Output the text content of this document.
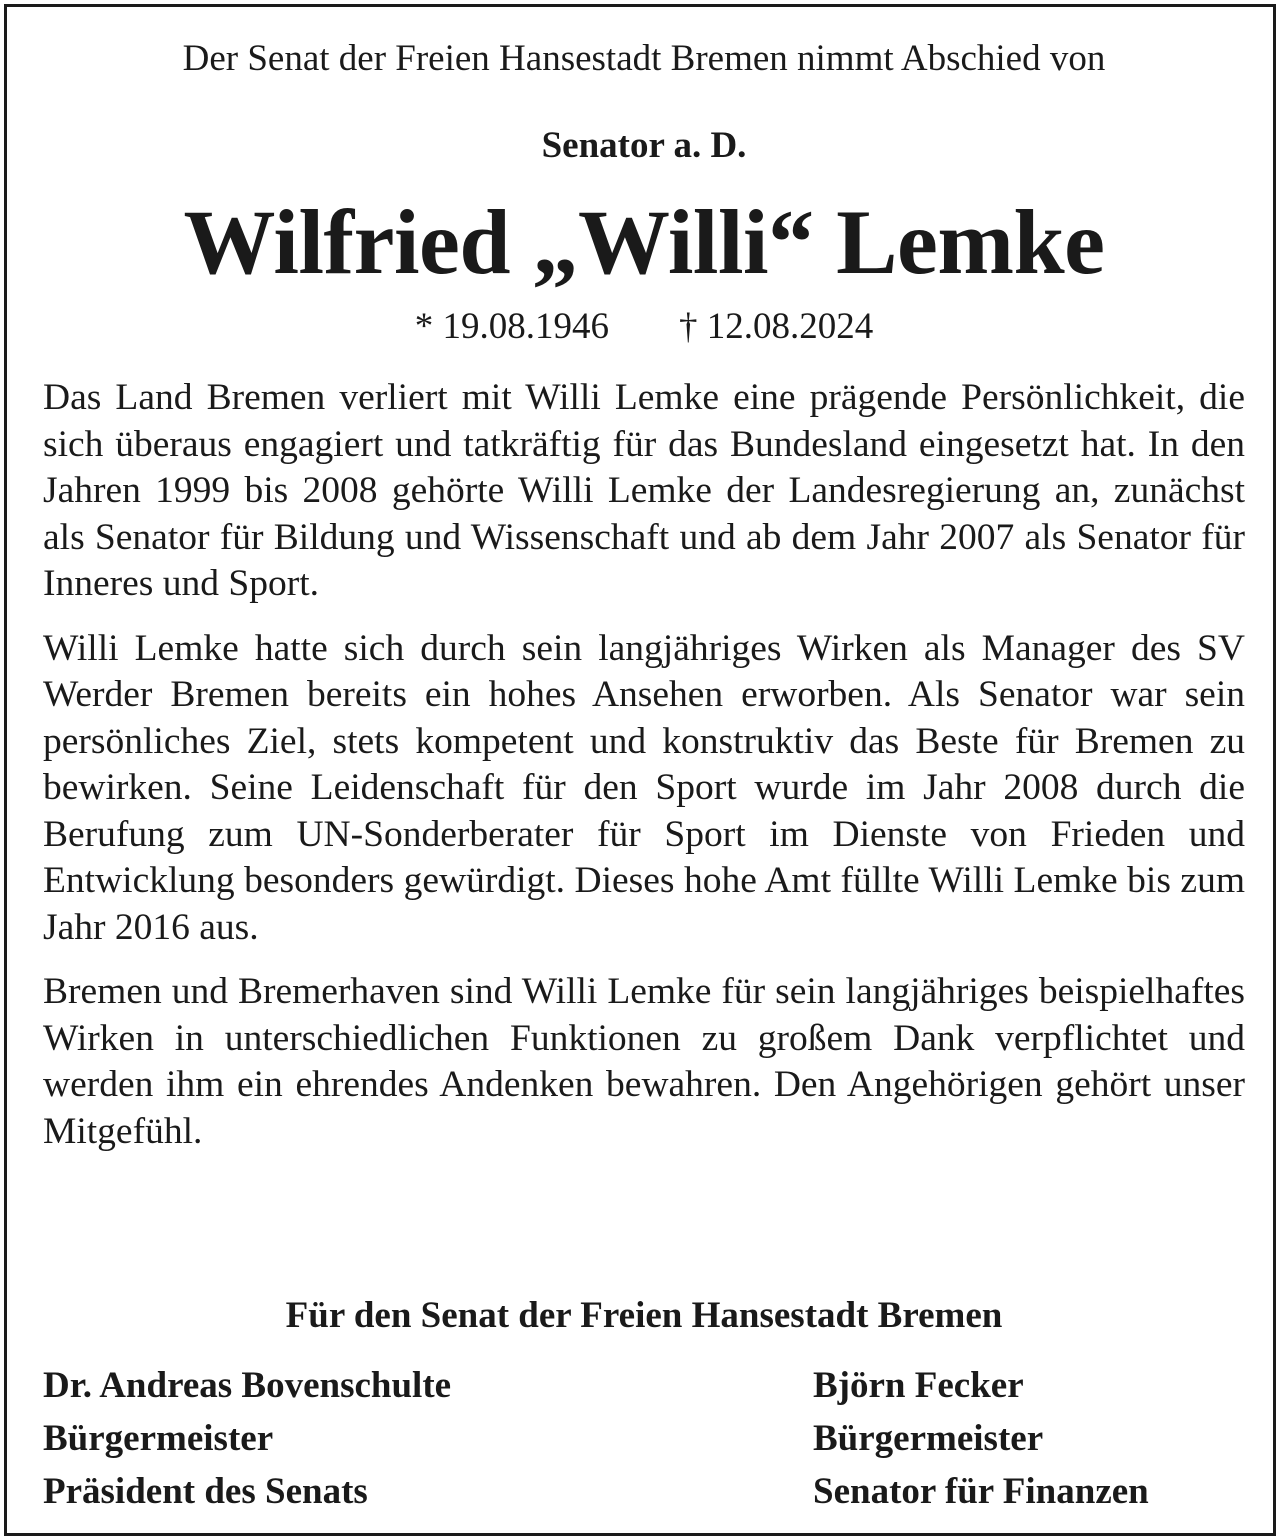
Der Senat der Freien Hansestadt Bremen nimmt Abschied von
Senator a. D.
Wilfried „Willi“ Lemke
* 19.08.1946 † 12.08.2024

Das Land Bremen verliert mit Willi Lemke eine prägende Persönlichkeit, die sich überaus engagiert und tatkräftig für das Bundesland eingesetzt hat. In den Jahren 1999 bis 2008 gehörte Willi Lemke der Landesregierung an, zunächst als Senator für Bildung und Wissenschaft und ab dem Jahr 2007 als Senator für Inneres und Sport.

Willi Lemke hatte sich durch sein langjähriges Wirken als Manager des SV Werder Bremen bereits ein hohes Ansehen erworben. Als Senator war sein persönliches Ziel, stets kompetent und konstruktiv das Beste für Bremen zu bewirken. Seine Leidenschaft für den Sport wurde im Jahr 2008 durch die Berufung zum UN-Sonderberater für Sport im Dienste von Frieden und Entwicklung besonders gewürdigt. Dieses hohe Amt füllte Willi Lemke bis zum Jahr 2016 aus.

Bremen und Bremerhaven sind Willi Lemke für sein langjähriges beispielhaftes Wirken in unterschiedlichen Funktionen zu großem Dank verpflichtet und werden ihm ein ehrendes Andenken bewahren. Den Angehörigen gehört unser Mitgefühl.

Für den Senat der Freien Hansestadt Bremen
Dr. Andreas Bovenschulte
Bürgermeister
Präsident des Senats
Björn Fecker
Bürgermeister
Senator für Finanzen
